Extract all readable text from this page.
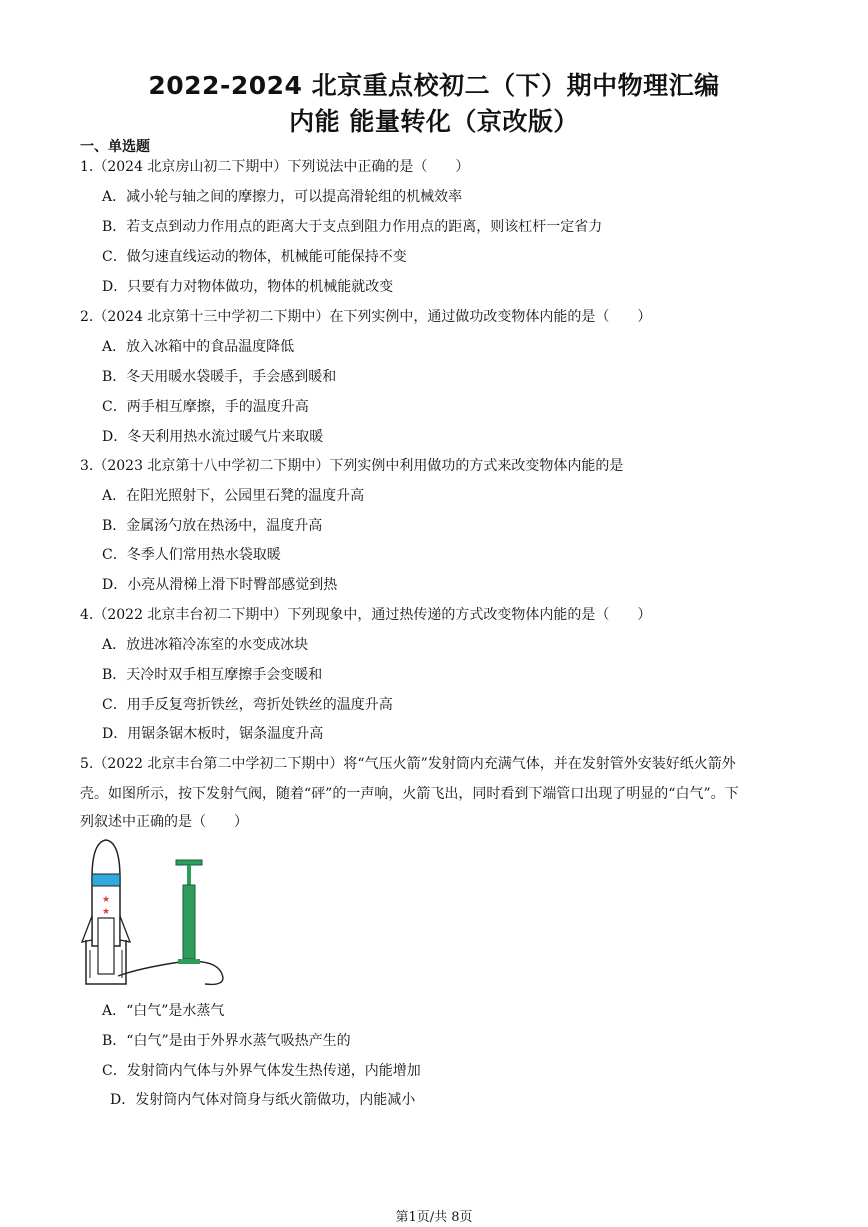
2022-2024 北京重点校初二（下）期中物理汇编
内能 能量转化（京改版）
一、单选题
1.（2024 北京房山初二下期中）下列说法中正确的是（　　）
A．减小轮与轴之间的摩擦力，可以提高滑轮组的机械效率
B．若支点到动力作用点的距离大于支点到阻力作用点的距离，则该杠杆一定省力
C．做匀速直线运动的物体，机械能可能保持不变
D．只要有力对物体做功，物体的机械能就改变
2.（2024 北京第十三中学初二下期中）在下列实例中，通过做功改变物体内能的是（　　）
A．放入冰箱中的食品温度降低
B．冬天用暖水袋暖手，手会感到暖和
C．两手相互摩擦，手的温度升高
D．冬天利用热水流过暖气片来取暖
3.（2023 北京第十八中学初二下期中）下列实例中利用做功的方式来改变物体内能的是
A．在阳光照射下，公园里石凳的温度升高
B．金属汤勺放在热汤中，温度升高
C．冬季人们常用热水袋取暖
D．小亮从滑梯上滑下时臀部感觉到热
4.（2022 北京丰台初二下期中）下列现象中，通过热传递的方式改变物体内能的是（　　）
A．放进冰箱冷冻室的水变成冰块
B．天冷时双手相互摩擦手会变暖和
C．用手反复弯折铁丝，弯折处铁丝的温度升高
D．用锯条锯木板时，锯条温度升高
5.（2022 北京丰台第二中学初二下期中）将“气压火箭”发射筒内充满气体，并在发射管外安装好纸火箭外
壳。如图所示，按下发射气阀，随着“砰”的一声响，火箭飞出，同时看到下端管口出现了明显的“白气”。下
列叙述中正确的是（　　）
★
★
A．“白气”是水蒸气
B．“白气”是由于外界水蒸气吸热产生的
C．发射筒内气体与外界气体发生热传递，内能增加
D．发射筒内气体对筒身与纸火箭做功，内能减小
第1页/共 8页
